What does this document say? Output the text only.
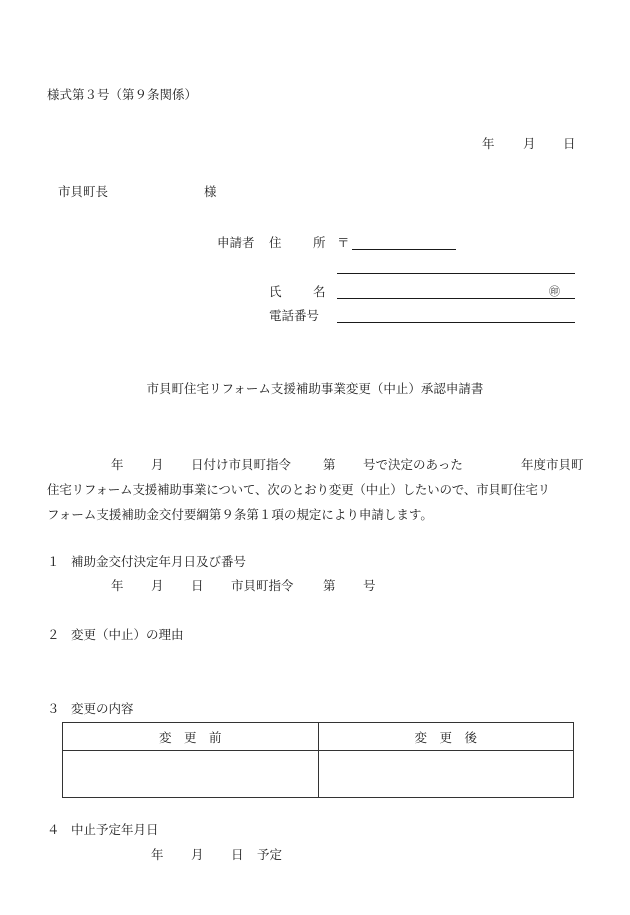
様式第３号（第９条関係）
年 月 日
市貝町長	様
申請者 住	所 〒
氏	名	㊞
電話番号
市貝町住宅リフォーム支援補助事業変更（中止）承認申請書
年 月 日付け市貝町指令	第 号で決定のあった	年度市貝町
住宅リフォーム支援補助事業について、次のとおり変更（中止）したいので、市貝町住宅リ
フォーム支援補助金交付要綱第９条第１項の規定により申請します。
１ 補助金交付決定年月日及び番号
年 月 日 市貝町指令 第 号
２ 変更（中止）の理由
３ 変更の内容
変　更　前	変　更　後

４ 中止予定年月日
年 月 日 予定
